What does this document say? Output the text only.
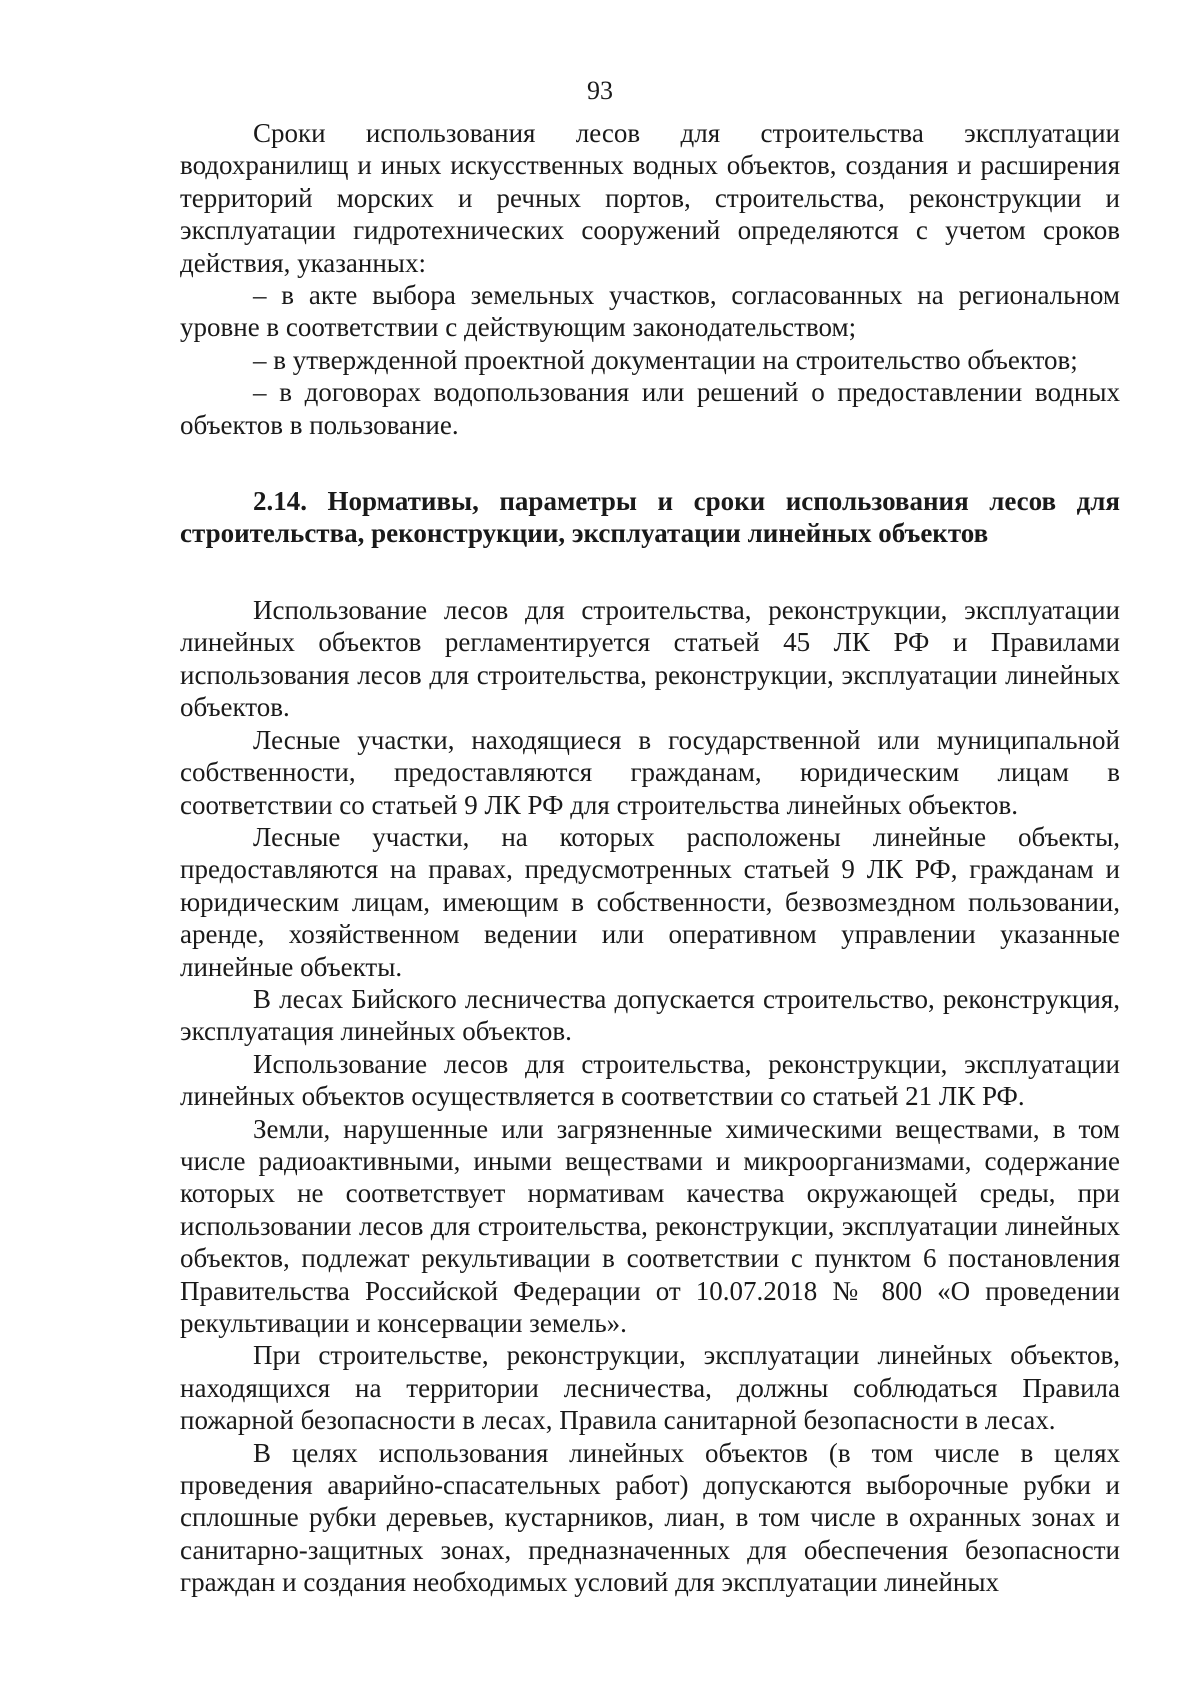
93

Сроки использования лесов для строительства эксплуатации водохранилищ и иных искусственных водных объектов, создания и расширения территорий морских и речных портов, строительства, реконструкции и эксплуатации гидротехнических сооружений определяются с учетом сроков действия, указанных:

– в акте выбора земельных участков, согласованных на региональном уровне в соответствии с действующим законодательством;

– в утвержденной проектной документации на строительство объектов;

– в договорах водопользования или решений о предоставлении водных объектов в пользование.

2.14. Нормативы, параметры и сроки использования лесов для строительства, реконструкции, эксплуатации линейных объектов

Использование лесов для строительства, реконструкции, эксплуатации линейных объектов регламентируется статьей 45 ЛК РФ и Правилами использования лесов для строительства, реконструкции, эксплуатации линейных объектов.

Лесные участки, находящиеся в государственной или муниципальной собственности, предоставляются гражданам, юридическим лицам в соответствии со статьей 9 ЛК РФ для строительства линейных объектов.

Лесные участки, на которых расположены линейные объекты, предоставляются на правах, предусмотренных статьей 9 ЛК РФ, гражданам и юридическим лицам, имеющим в собственности, безвозмездном пользовании, аренде, хозяйственном ведении или оперативном управлении указанные линейные объекты.

В лесах Бийского лесничества допускается строительство, реконструкция, эксплуатация линейных объектов.

Использование лесов для строительства, реконструкции, эксплуатации линейных объектов осуществляется в соответствии со статьей 21 ЛК РФ.

Земли, нарушенные или загрязненные химическими веществами, в том числе радиоактивными, иными веществами и микроорганизмами, содержание которых не соответствует нормативам качества окружающей среды, при использовании лесов для строительства, реконструкции, эксплуатации линейных объектов, подлежат рекультивации в соответствии с пунктом 6 постановления Правительства Российской Федерации от 10.07.2018 № 800 «О проведении рекультивации и консервации земель».

При строительстве, реконструкции, эксплуатации линейных объектов, находящихся на территории лесничества, должны соблюдаться Правила пожарной безопасности в лесах, Правила санитарной безопасности в лесах.

В целях использования линейных объектов (в том числе в целях проведения аварийно-спасательных работ) допускаются выборочные рубки и сплошные рубки деревьев, кустарников, лиан, в том числе в охранных зонах и санитарно-защитных зонах, предназначенных для обеспечения безопасности граждан и создания необходимых условий для эксплуатации линейных
